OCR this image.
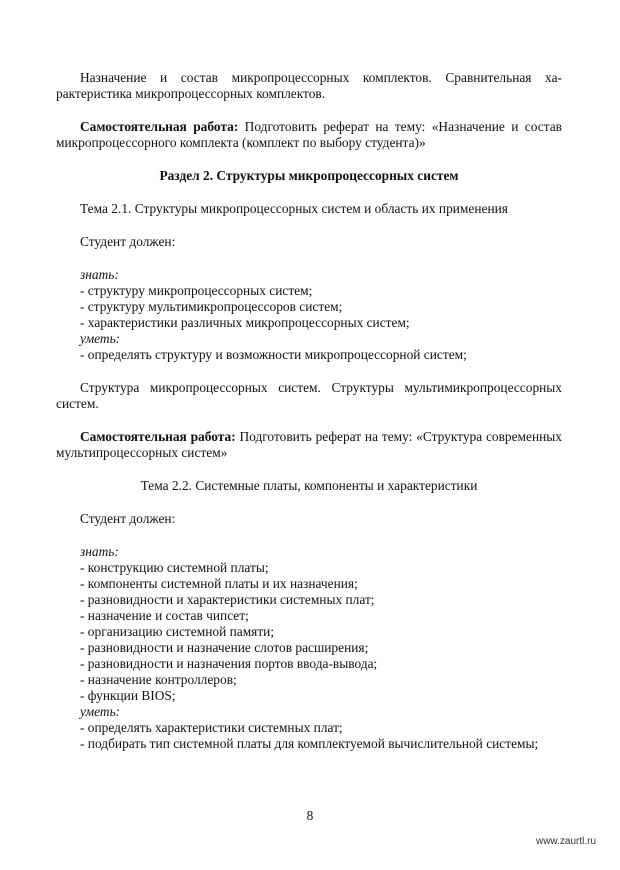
Назначение и состав микропроцессорных комплектов. Сравнительная характеристика микропроцессорных комплектов.

Самостоятельная работа: Подготовить реферат на тему: «Назначение и состав микропроцессорного комплекта (комплект по выбору студента)»

Раздел 2. Структуры микропроцессорных систем

Тема 2.1. Структуры микропроцессорных систем и область их применения

Студент должен:

знать:

- структуру микропроцессорных систем;

- структуру мультимикропроцессоров систем;

- характеристики различных микропроцессорных систем;

уметь:

- определять структуру и возможности микропроцессорной систем;

Структура микропроцессорных систем. Структуры мультимикропроцессорных систем.

Самостоятельная работа: Подготовить реферат на тему: «Структура современных мультипроцессорных систем»

Тема 2.2. Системные платы, компоненты и характеристики

Студент должен:

знать:

- конструкцию системной платы;

- компоненты системной платы и их назначения;

- разновидности и характеристики системных плат;

- назначение и состав чипсет;

- организацию системной памяти;

- разновидности и назначение слотов расширения;

- разновидности и назначения портов ввода-вывода;

- назначение контроллеров;

- функции BIOS;

уметь:

- определять характеристики системных плат;

- подбирать тип системной платы для комплектуемой вычислительной системы;

8
www.zaurtl.ru
